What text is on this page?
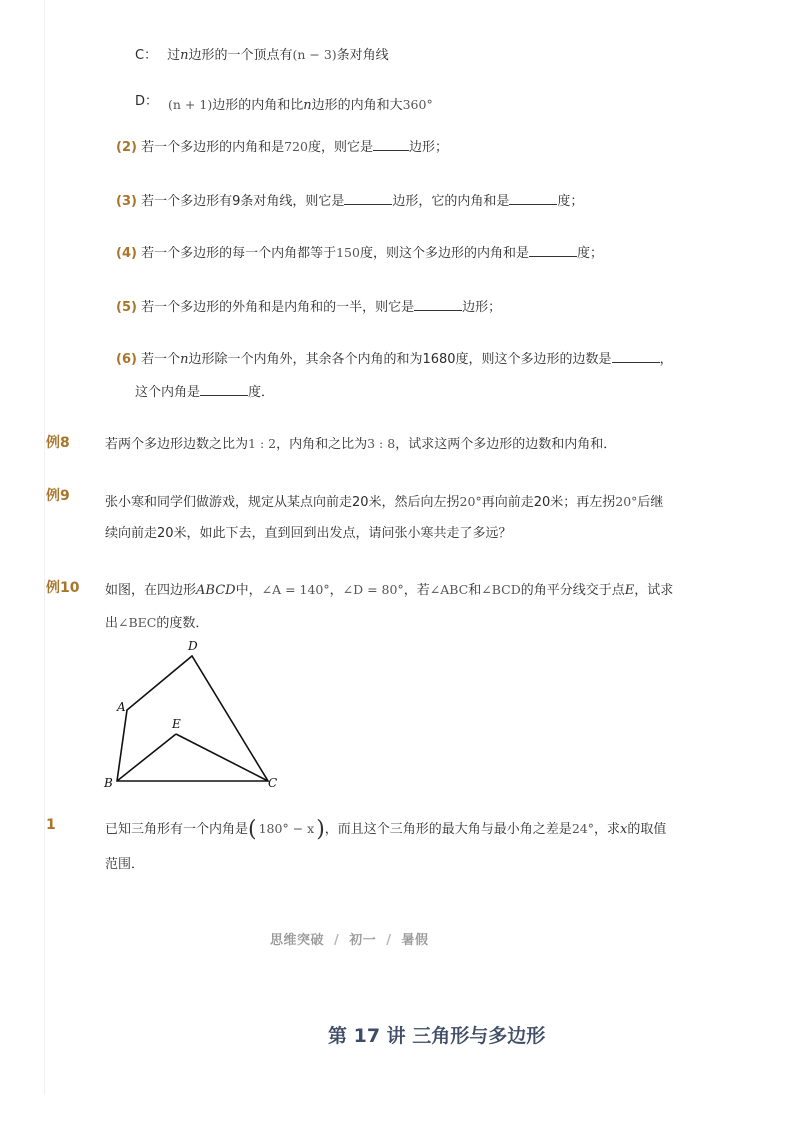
C： 过n边形的一个顶点有(n − 3)条对角线
D： (n + 1)边形的内角和比n边形的内角和大360°
(2) 若一个多边形的内角和是720度，则它是	边形；
(3) 若一个多边形有9条对角线，则它是	边形，它的内角和是	度；
(4) 若一个多边形的每一个内角都等于150度，则这个多边形的内角和是	度；
(5) 若一个多边形的外角和是内角和的一半，则它是	边形；
(6) 若一个n边形除一个内角外，其余各个内角的和为1680度，则这个多边形的边数是	，
这个内角是	度．
例8	若两个多边形边数之比为1 : 2，内角和之比为3 : 8，试求这两个多边形的边数和内角和．
例9	张小寒和同学们做游戏，规定从某点向前走20米，然后向左拐20°再向前走20米；再左拐20°后继
续向前走20米，如此下去，直到回到出发点，请问张小寒共走了多远？
例10 如图，在四边形ABCD中，∠A = 140°，∠D = 80°，若∠ABC和∠BCD的角平分线交于点E，试求
出∠BEC的度数．
D
A
E
B	C
1	已知三角形有一个内角是( 180° − x)，而且这个三角形的最大角与最小角之差是24°，求x的取值
范围．
思维突破 / 初一 / 暑假
第 17 讲 三角形与多边形
